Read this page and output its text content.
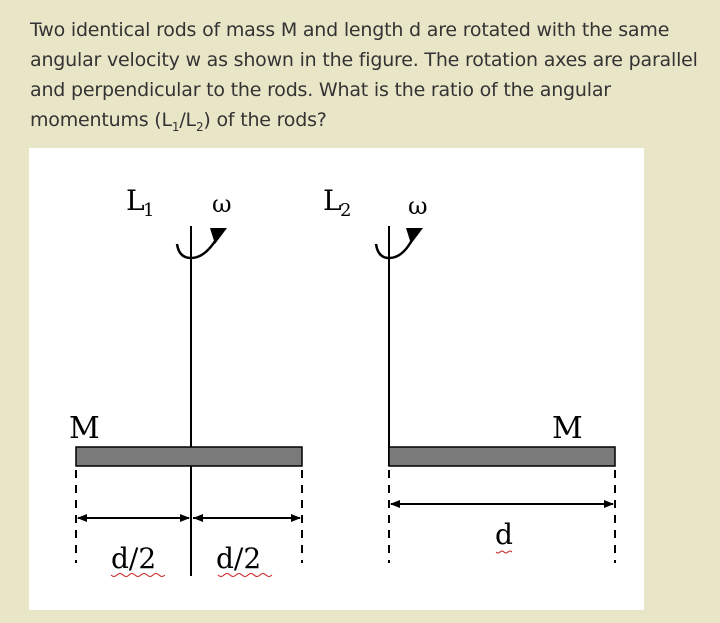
Two identical rods of mass M and length d are rotated with the same
angular velocity w as shown in the figure. The rotation axes are parallel
and perpendicular to the rods. What is the ratio of the angular
momentums $(L_1/L_2)$ of the rods?
L
1 ω
M
d/2 d/2
L
2 ω
M
d
